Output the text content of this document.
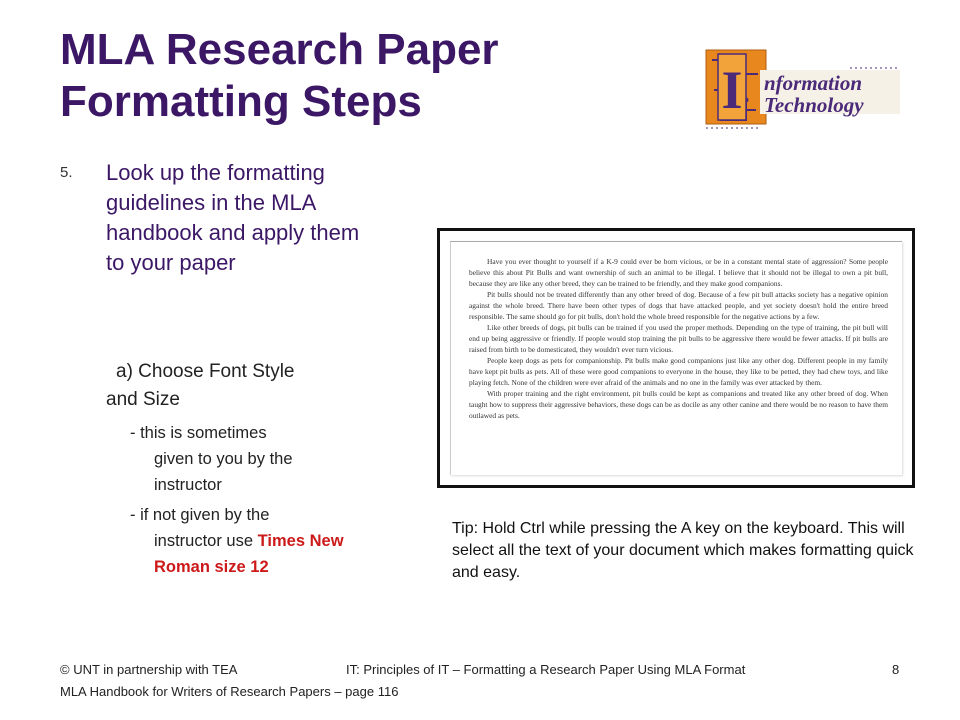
MLA Research Paper
Formatting Steps	I nformation
Technology
5. Look up the formatting guidelines in the MLA handbook and apply them to your paper
a) Choose Font Style
and Size
- this is sometimes
given to you by the instructor
- if not given by the
instructor use Times New Roman size 12

Have you ever thought to yourself if a K-9 could ever be born vicious, or be in a constant mental state of aggression? Some people believe this about Pit Bulls and want ownership of such an animal to be illegal. I believe that it should not be illegal to own a pit bull, because they are like any other breed, they can be trained to be friendly, and they make good companions.

Pit bulls should not be treated differently than any other breed of dog. Because of a few pit bull attacks society has a negative opinion against the whole breed. There have been other types of dogs that have attacked people, and yet society doesn't hold the entire breed responsible. The same should go for pit bulls, don't hold the whole breed responsible for the negative actions by a few.

Like other breeds of dogs, pit bulls can be trained if you used the proper methods. Depending on the type of training, the pit bull will end up being aggressive or friendly. If people would stop training the pit bulls to be aggressive there would be fewer attacks. If pit bulls are raised from birth to be domesticated, they wouldn't ever turn vicious.

People keep dogs as pets for companionship. Pit bulls make good companions just like any other dog. Different people in my family have kept pit bulls as pets. All of these were good companions to everyone in the house, they like to be petted, they had chew toys, and like playing fetch. None of the children were ever afraid of the animals and no one in the family was ever attacked by them.

With proper training and the right environment, pit bulls could be kept as companions and treated like any other breed of dog. When taught how to suppress their aggressive behaviors, these dogs can be as docile as any other canine and there would be no reason to have them outlawed as pets.

Tip: Hold Ctrl while pressing the A key on the keyboard. This will select all the text of your document which makes formatting quick and easy.
© UNT in partnership with TEA	IT: Principles of IT – Formatting a Research Paper Using MLA Format	8
MLA Handbook for Writers of Research Papers – page 116
